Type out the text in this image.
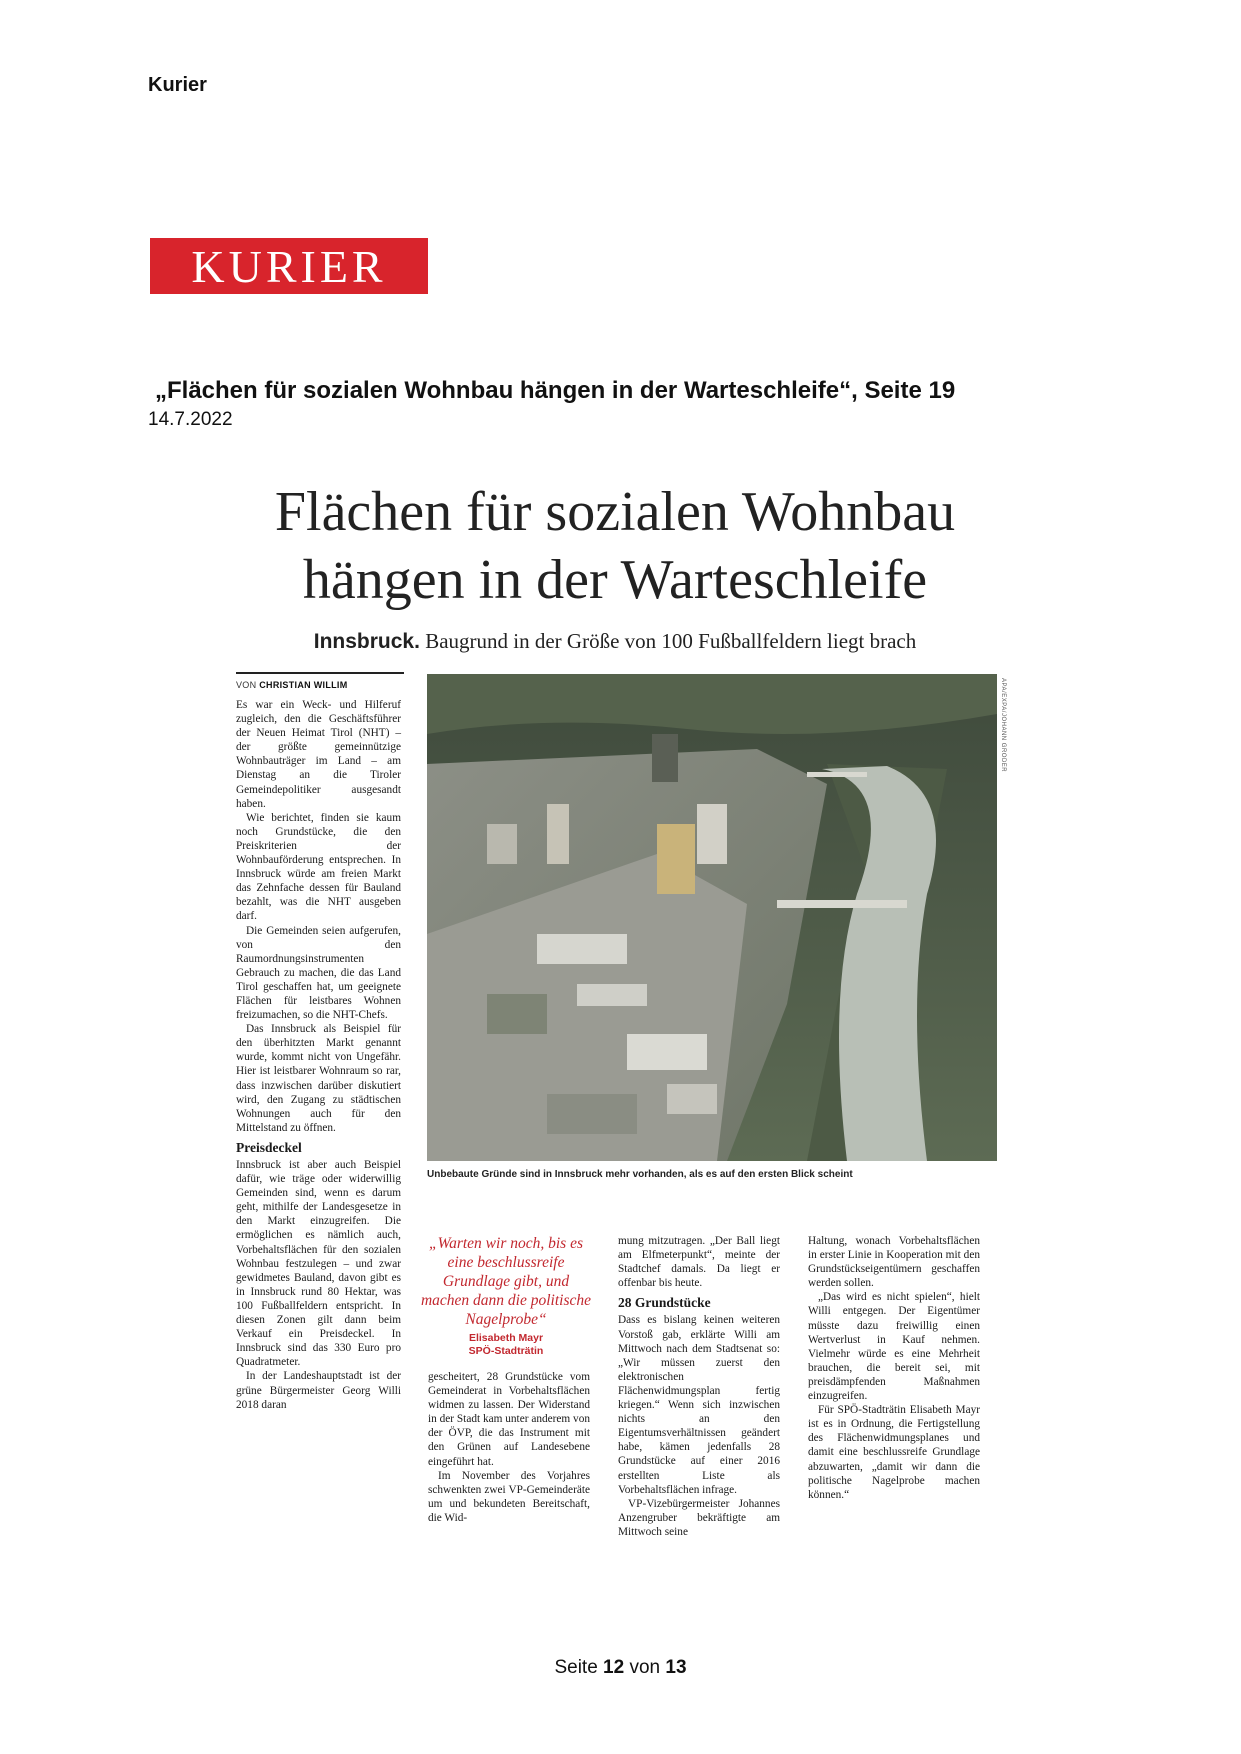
Kurier
KURIER
„Flächen für sozialen Wohnbau hängen in der Warteschleife“, Seite 19
14.7.2022
Flächen für sozialen Wohnbau
hängen in der Warteschleife
Innsbruck. Baugrund in der Größe von 100 Fußballfeldern liegt brach
VON CHRISTIAN WILLIM

Es war ein Weck- und Hilferuf zugleich, den die Geschäftsführer der Neuen Heimat Tirol (NHT) – der größte gemeinnützige Wohnbauträger im Land – am Dienstag an die Tiroler Gemeindepolitiker ausgesandt haben.

Wie berichtet, finden sie kaum noch Grundstücke, die den Preiskriterien der Wohnbauförderung entsprechen. In Innsbruck würde am freien Markt das Zehnfache dessen für Bauland bezahlt, was die NHT ausgeben darf.

Die Gemeinden seien aufgerufen, von den Raumordnungsinstrumenten Gebrauch zu machen, die das Land Tirol geschaffen hat, um geeignete Flächen für leistbares Wohnen freizumachen, so die NHT-Chefs.

Das Innsbruck als Beispiel für den überhitzten Markt genannt wurde, kommt nicht von Ungefähr. Hier ist leistbarer Wohnraum so rar, dass inzwischen darüber diskutiert wird, den Zugang zu städtischen Wohnungen auch für den Mittelstand zu öffnen.

Preisdeckel

Innsbruck ist aber auch Beispiel dafür, wie träge oder widerwillig Gemeinden sind, wenn es darum geht, mithilfe der Landesgesetze in den Markt einzugreifen. Die ermöglichen es nämlich auch, Vorbehaltsflächen für den sozialen Wohnbau festzulegen – und zwar gewidmetes Bauland, davon gibt es in Innsbruck rund 80 Hektar, was 100 Fußballfeldern entspricht. In diesen Zonen gilt dann beim Verkauf ein Preisdeckel. In Innsbruck sind das 330 Euro pro Quadratmeter.

In der Landeshauptstadt ist der grüne Bürgermeister Georg Willi 2018 daran

APA/EXPA/JOHANN GRODER
Unbebaute Gründe sind in Innsbruck mehr vorhanden, als es auf den ersten Blick scheint
„Warten wir noch, bis es eine beschlussreife Grundlage gibt, und machen dann die politische Nagelprobe“
Elisabeth Mayr
SPÖ-Stadträtin

gescheitert, 28 Grundstücke vom Gemeinderat in Vorbehaltsflächen widmen zu lassen. Der Widerstand in der Stadt kam unter anderem von der ÖVP, die das Instrument mit den Grünen auf Landesebene eingeführt hat.

Im November des Vorjahres schwenkten zwei VP-Gemeinderäte um und bekundeten Bereitschaft, die Wid-

mung mitzutragen. „Der Ball liegt am Elfmeterpunkt“, meinte der Stadtchef damals. Da liegt er offenbar bis heute.

28 Grundstücke

Dass es bislang keinen weiteren Vorstoß gab, erklärte Willi am Mittwoch nach dem Stadtsenat so: „Wir müssen zuerst den elektronischen Flächenwidmungsplan fertig kriegen.“ Wenn sich inzwischen nichts an den Eigentumsverhältnissen geändert habe, kämen jedenfalls 28 Grundstücke auf einer 2016 erstellten Liste als Vorbehaltsflächen infrage.

VP-Vizebürgermeister Johannes Anzengruber bekräftigte am Mittwoch seine

Haltung, wonach Vorbehaltsflächen in erster Linie in Kooperation mit den Grundstückseigentümern geschaffen werden sollen.

„Das wird es nicht spielen“, hielt Willi entgegen. Der Eigentümer müsste dazu freiwillig einen Wertverlust in Kauf nehmen. Vielmehr würde es eine Mehrheit brauchen, die bereit sei, mit preisdämpfenden Maßnahmen einzugreifen.

Für SPÖ-Stadträtin Elisabeth Mayr ist es in Ordnung, die Fertigstellung des Flächenwidmungsplanes und damit eine beschlussreife Grundlage abzuwarten, „damit wir dann die politische Nagelprobe machen können.“

Seite 12 von 13
